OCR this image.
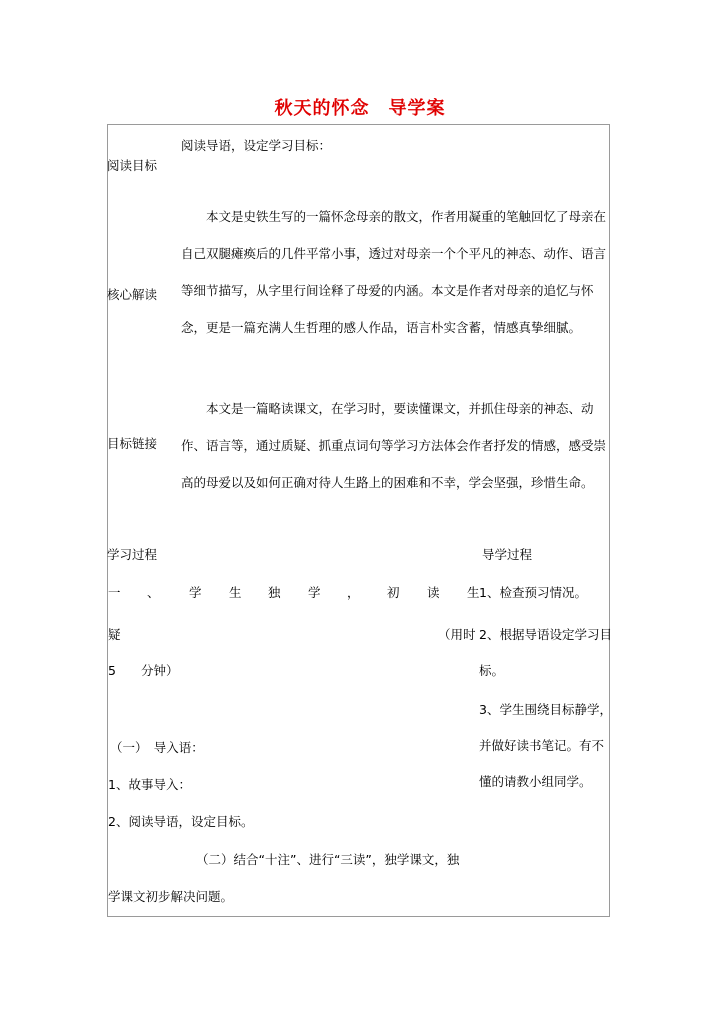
秋天的怀念　导学案
阅读目标
阅读导语，设定学习目标：
核心解读
本文是史铁生写的一篇怀念母亲的散文，作者用凝重的笔触回忆了母亲在自己双腿瘫痪后的几件平常小事，透过对母亲一个个平凡的神态、动作、语言等细节描写，从字里行间诠释了母爱的内涵。本文是作者对母亲的追忆与怀念，更是一篇充满人生哲理的感人作品，语言朴实含蓄，情感真挚细腻。
目标链接
本文是一篇略读课文，在学习时，要读懂课文，并抓住母亲的神态、动作、语言等，通过质疑、抓重点词句等学习方法体会作者抒发的情感，感受崇高的母爱以及如何正确对待人生路上的困难和不幸，学会坚强，珍惜生命。
学习过程	导学过程
一 、 学 生 独 学 ， 初 读 生
疑	（用时
5　　分钟）
（一）　导入语：
1、故事导入：
2、阅读导语，设定目标。
（二）结合“十注”、进行“三读”，独学课文，独
学课文初步解决问题。
1、检查预习情况。
2、根据导语设定学习目
标。
3、学生围绕目标静学，
并做好读书笔记。有不
懂的请教小组同学。
